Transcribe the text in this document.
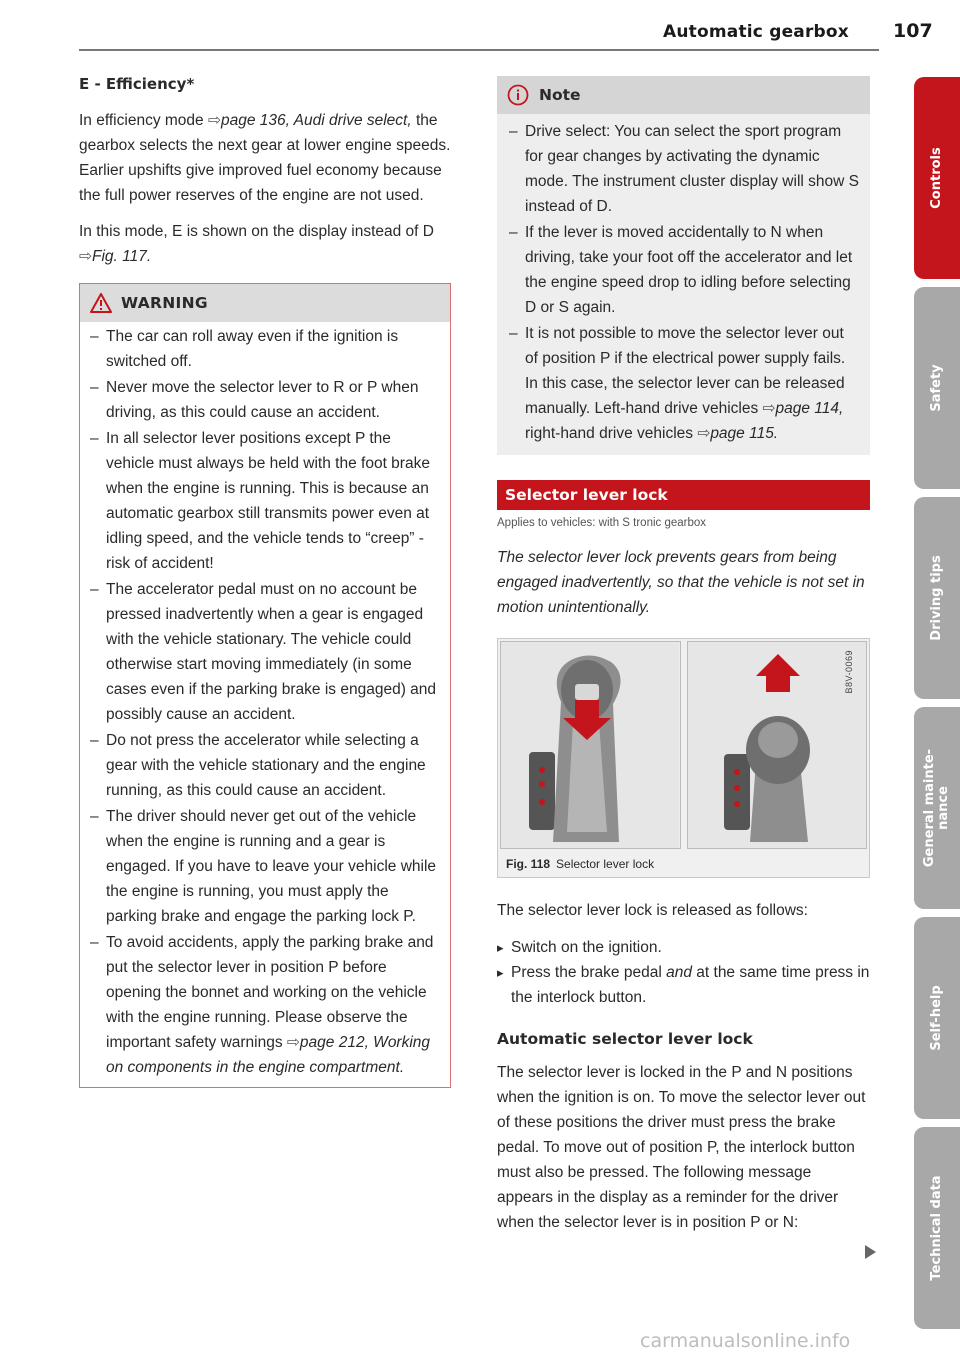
Automatic gearbox 107
E - Efficiency*

In efficiency mode ⇨page 136, Audi drive select, the gearbox selects the next gear at lower engine speeds. Earlier upshifts give improved fuel economy because the full power reserves of the engine are not used.

In this mode, E is shown on the display instead of D ⇨Fig. 117.

WARNING
– The car can roll away even if the ignition is switched off.
– Never move the selector lever to R or P when driving, as this could cause an accident.
– In all selector lever positions except P the vehicle must always be held with the foot brake when the engine is running. This is because an automatic gearbox still transmits power even at idling speed, and the vehicle tends to “creep” - risk of accident!
– The accelerator pedal must on no account be pressed inadvertently when a gear is engaged with the vehicle stationary. The vehicle could otherwise start moving immediately (in some cases even if the parking brake is engaged) and possibly cause an accident.
– Do not press the accelerator while selecting a gear with the vehicle stationary and the engine running, as this could cause an accident.
– The driver should never get out of the vehicle when the engine is running and a gear is engaged. If you have to leave your vehicle while the engine is running, you must apply the parking brake and engage the parking lock P.
– To avoid accidents, apply the parking brake and put the selector lever in position P before opening the bonnet and working on the vehicle with the engine running. Please observe the important safety warnings ⇨page 212, Working on components in the engine compartment.
Note
– Drive select: You can select the sport program for gear changes by activating the dynamic mode. The instrument cluster display will show S instead of D.
– If the lever is moved accidentally to N when driving, take your foot off the accelerator and let the engine speed drop to idling before selecting D or S again.
– It is not possible to move the selector lever out of position P if the electrical power supply fails. In this case, the selector lever can be released manually. Left-hand drive vehicles ⇨page 114, right-hand drive vehicles ⇨page 115.
Selector lever lock
Applies to vehicles: with S tronic gearbox

The selector lever lock prevents gears from being engaged inadvertently, so that the vehicle is not set in motion unintentionally.

B8V-0069
Fig. 118 Selector lever lock

The selector lever lock is released as follows:

▸ Switch on the ignition.
▸ Press the brake pedal and at the same time press in the interlock button.
Automatic selector lever lock

The selector lever is locked in the P and N positions when the ignition is on. To move the selector lever out of these positions the driver must press the brake pedal. To move out of position P, the interlock button must also be pressed. The following message appears in the display as a reminder for the driver when the selector lever is in position P or N:

Controls
Safety
Driving tips
General maintenance
Self-help
Technical data
carmanualsonline.info
